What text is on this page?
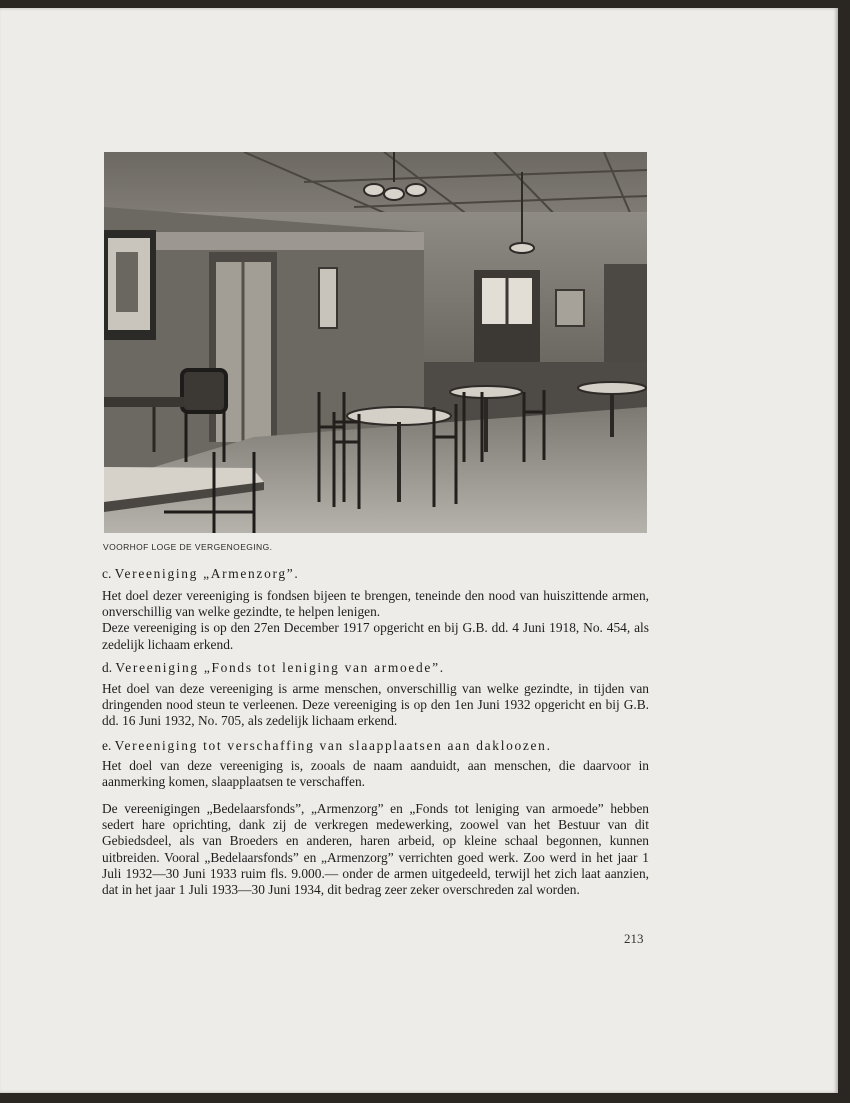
VOORHOF LOGE DE VERGENOEGING.
c. Vereeniging „Armenzorg”.

Het doel dezer vereeniging is fondsen bijeen te brengen, teneinde den nood van huiszittende armen, onverschillig van welke gezindte, te helpen lenigen.

Deze vereeniging is op den 27en December 1917 opgericht en bij G.B. dd. 4 Juni 1918, No. 454, als zedelijk lichaam erkend.

d. Vereeniging „Fonds tot leniging van armoede”.

Het doel van deze vereeniging is arme menschen, onverschillig van welke gezindte, in tijden van dringenden nood steun te verleenen. Deze vereeniging is op den 1en Juni 1932 opgericht en bij G.B. dd. 16 Juni 1932, No. 705, als zedelijk lichaam erkend.

e. Vereeniging tot verschaffing van slaapplaatsen aan daklоozen.

Het doel van deze vereeniging is, zooals de naam aanduidt, aan menschen, die daarvoor in aanmerking komen, slaapplaatsen te verschaffen.

De vereenigingen „Bedelaarsfonds”, „Armenzorg” en „Fonds tot leniging van armoede” hebben sedert hare oprichting, dank zij de verkregen medewerking, zoowel van het Bestuur van dit Gebiedsdeel, als van Broeders en anderen, haren arbeid, op kleine schaal begonnen, kunnen uitbreiden. Vooral „Bedelaarsfonds” en „Armenzorg” verrichten goed werk. Zoo werd in het jaar 1 Juli 1932—30 Juni 1933 ruim fls. 9.000.— onder de armen uitgedeeld, terwijl het zich laat aanzien, dat in het jaar 1 Juli 1933—30 Juni 1934, dit bedrag zeer zeker overschreden zal worden.

213
